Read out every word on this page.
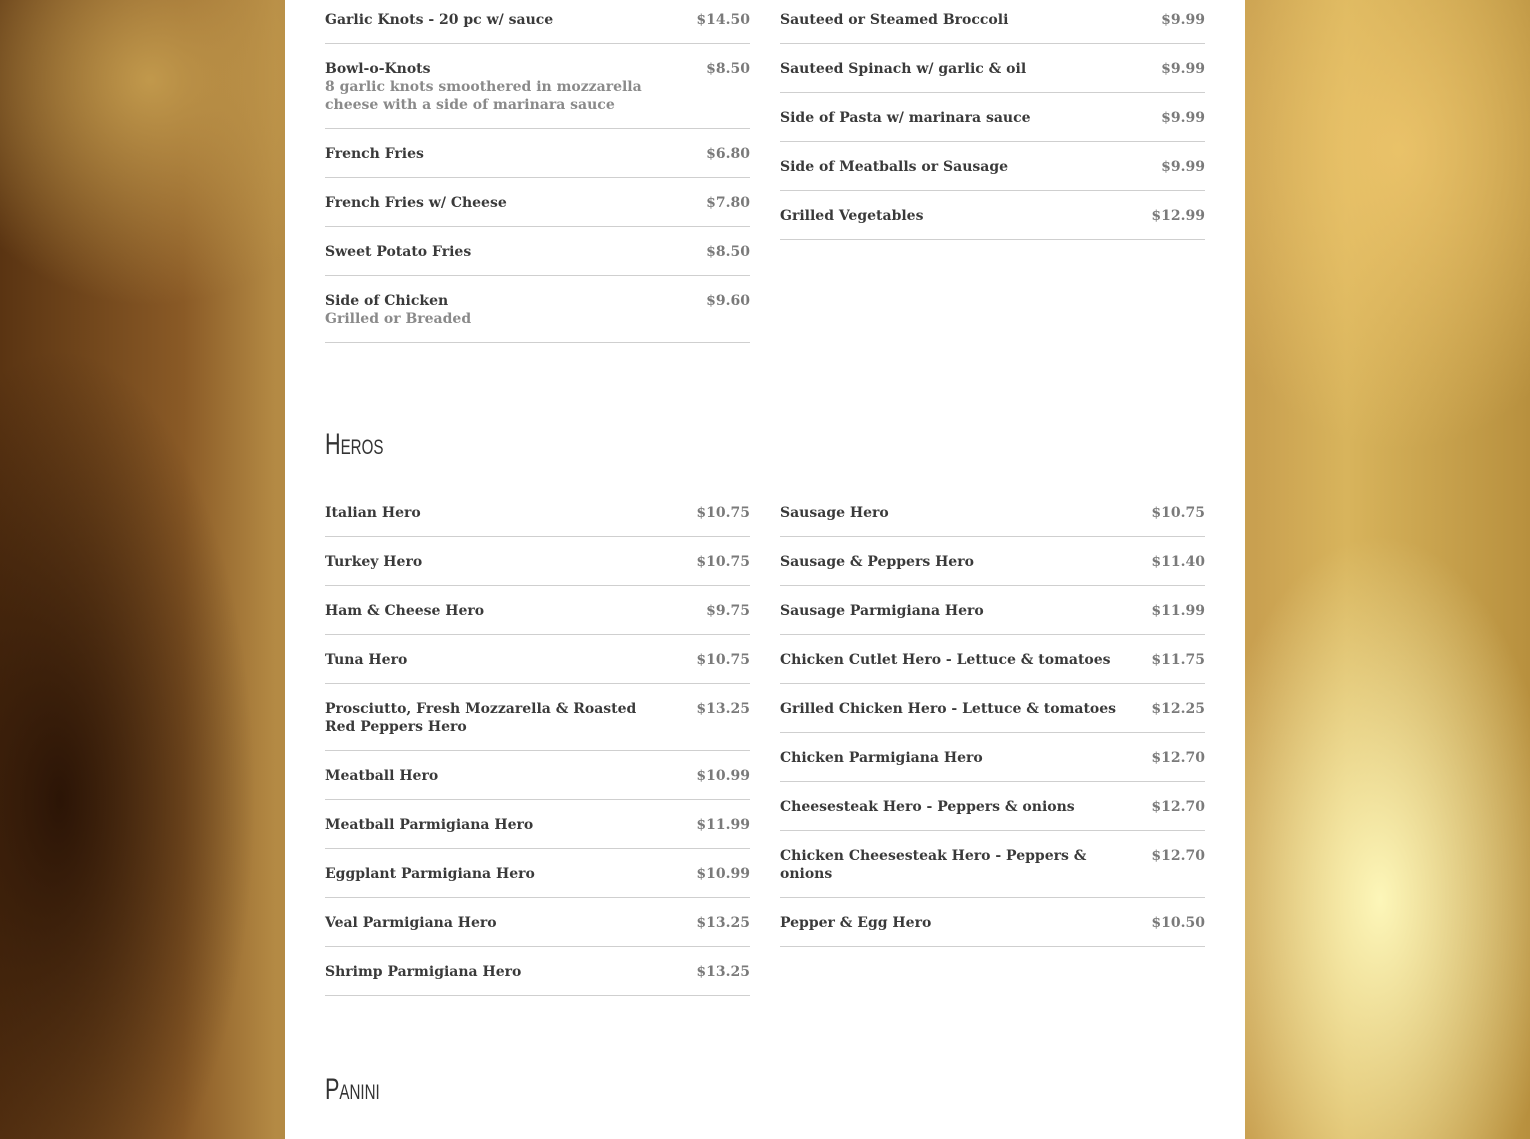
Garlic Knots - 20 pc w/ sauce	$14.50
Bowl-o-Knots
8 garlic knots smoothered in mozzarella cheese with a side of marinara sauce
$8.50
French Fries	$6.80
French Fries w/ Cheese	$7.80
Sweet Potato Fries	$8.50
Side of Chicken
Grilled or Breaded
$9.60
Sauteed or Steamed Broccoli	$9.99
Sauteed Spinach w/ garlic & oil	$9.99
Side of Pasta w/ marinara sauce	$9.99
Side of Meatballs or Sausage	$9.99
Grilled Vegetables	$12.99
Heros
Italian Hero	$10.75
Turkey Hero	$10.75
Ham & Cheese Hero	$9.75
Tuna Hero	$10.75
Prosciutto, Fresh Mozzarella & Roasted Red Peppers Hero
$13.25
Meatball Hero	$10.99
Meatball Parmigiana Hero	$11.99
Eggplant Parmigiana Hero	$10.99
Veal Parmigiana Hero	$13.25
Shrimp Parmigiana Hero	$13.25
Sausage Hero	$10.75
Sausage & Peppers Hero	$11.40
Sausage Parmigiana Hero	$11.99
Chicken Cutlet Hero - Lettuce & tomatoes	$11.75
Grilled Chicken Hero - Lettuce & tomatoes	$12.25
Chicken Parmigiana Hero	$12.70
Cheesesteak Hero - Peppers & onions	$12.70
Chicken Cheesesteak Hero - Peppers & onions
$12.70
Pepper & Egg Hero	$10.50
Panini
